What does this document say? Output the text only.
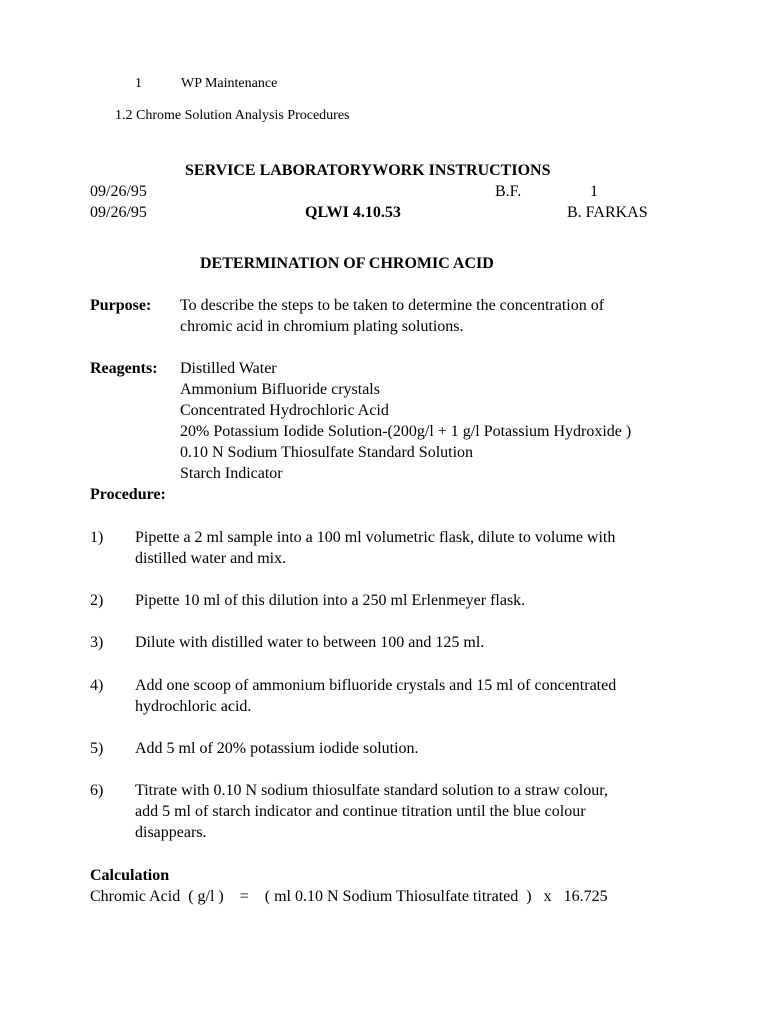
1	WP Maintenance
1.2 Chrome Solution Analysis Procedures
SERVICE LABORATORYWORK INSTRUCTIONS
09/26/95	B.F.	1
09/26/95	QLWI 4.10.53	B. FARKAS
DETERMINATION OF CHROMIC ACID
Purpose: To describe the steps to be taken to determine the concentration of
chromic acid in chromium plating solutions.
Reagents: Distilled Water
Ammonium Bifluoride crystals
Concentrated Hydrochloric Acid
20% Potassium Iodide Solution-(200g/l + 1 g/l Potassium Hydroxide )
0.10 N Sodium Thiosulfate Standard Solution
Starch Indicator
Procedure:
1) Pipette a 2 ml sample into a 100 ml volumetric flask, dilute to volume with
distilled water and mix.
2) Pipette 10 ml of this dilution into a 250 ml Erlenmeyer flask.
3) Dilute with distilled water to between 100 and 125 ml.
4) Add one scoop of ammonium bifluoride crystals and 15 ml of concentrated
hydrochloric acid.
5) Add 5 ml of 20% potassium iodide solution.
6) Titrate with 0.10 N sodium thiosulfate standard solution to a straw colour,
add 5 ml of starch indicator and continue titration until the blue colour
disappears.
Calculation
Chromic Acid  ( g/l )    =    ( ml 0.10 N Sodium Thiosulfate titrated  )   x   16.725
